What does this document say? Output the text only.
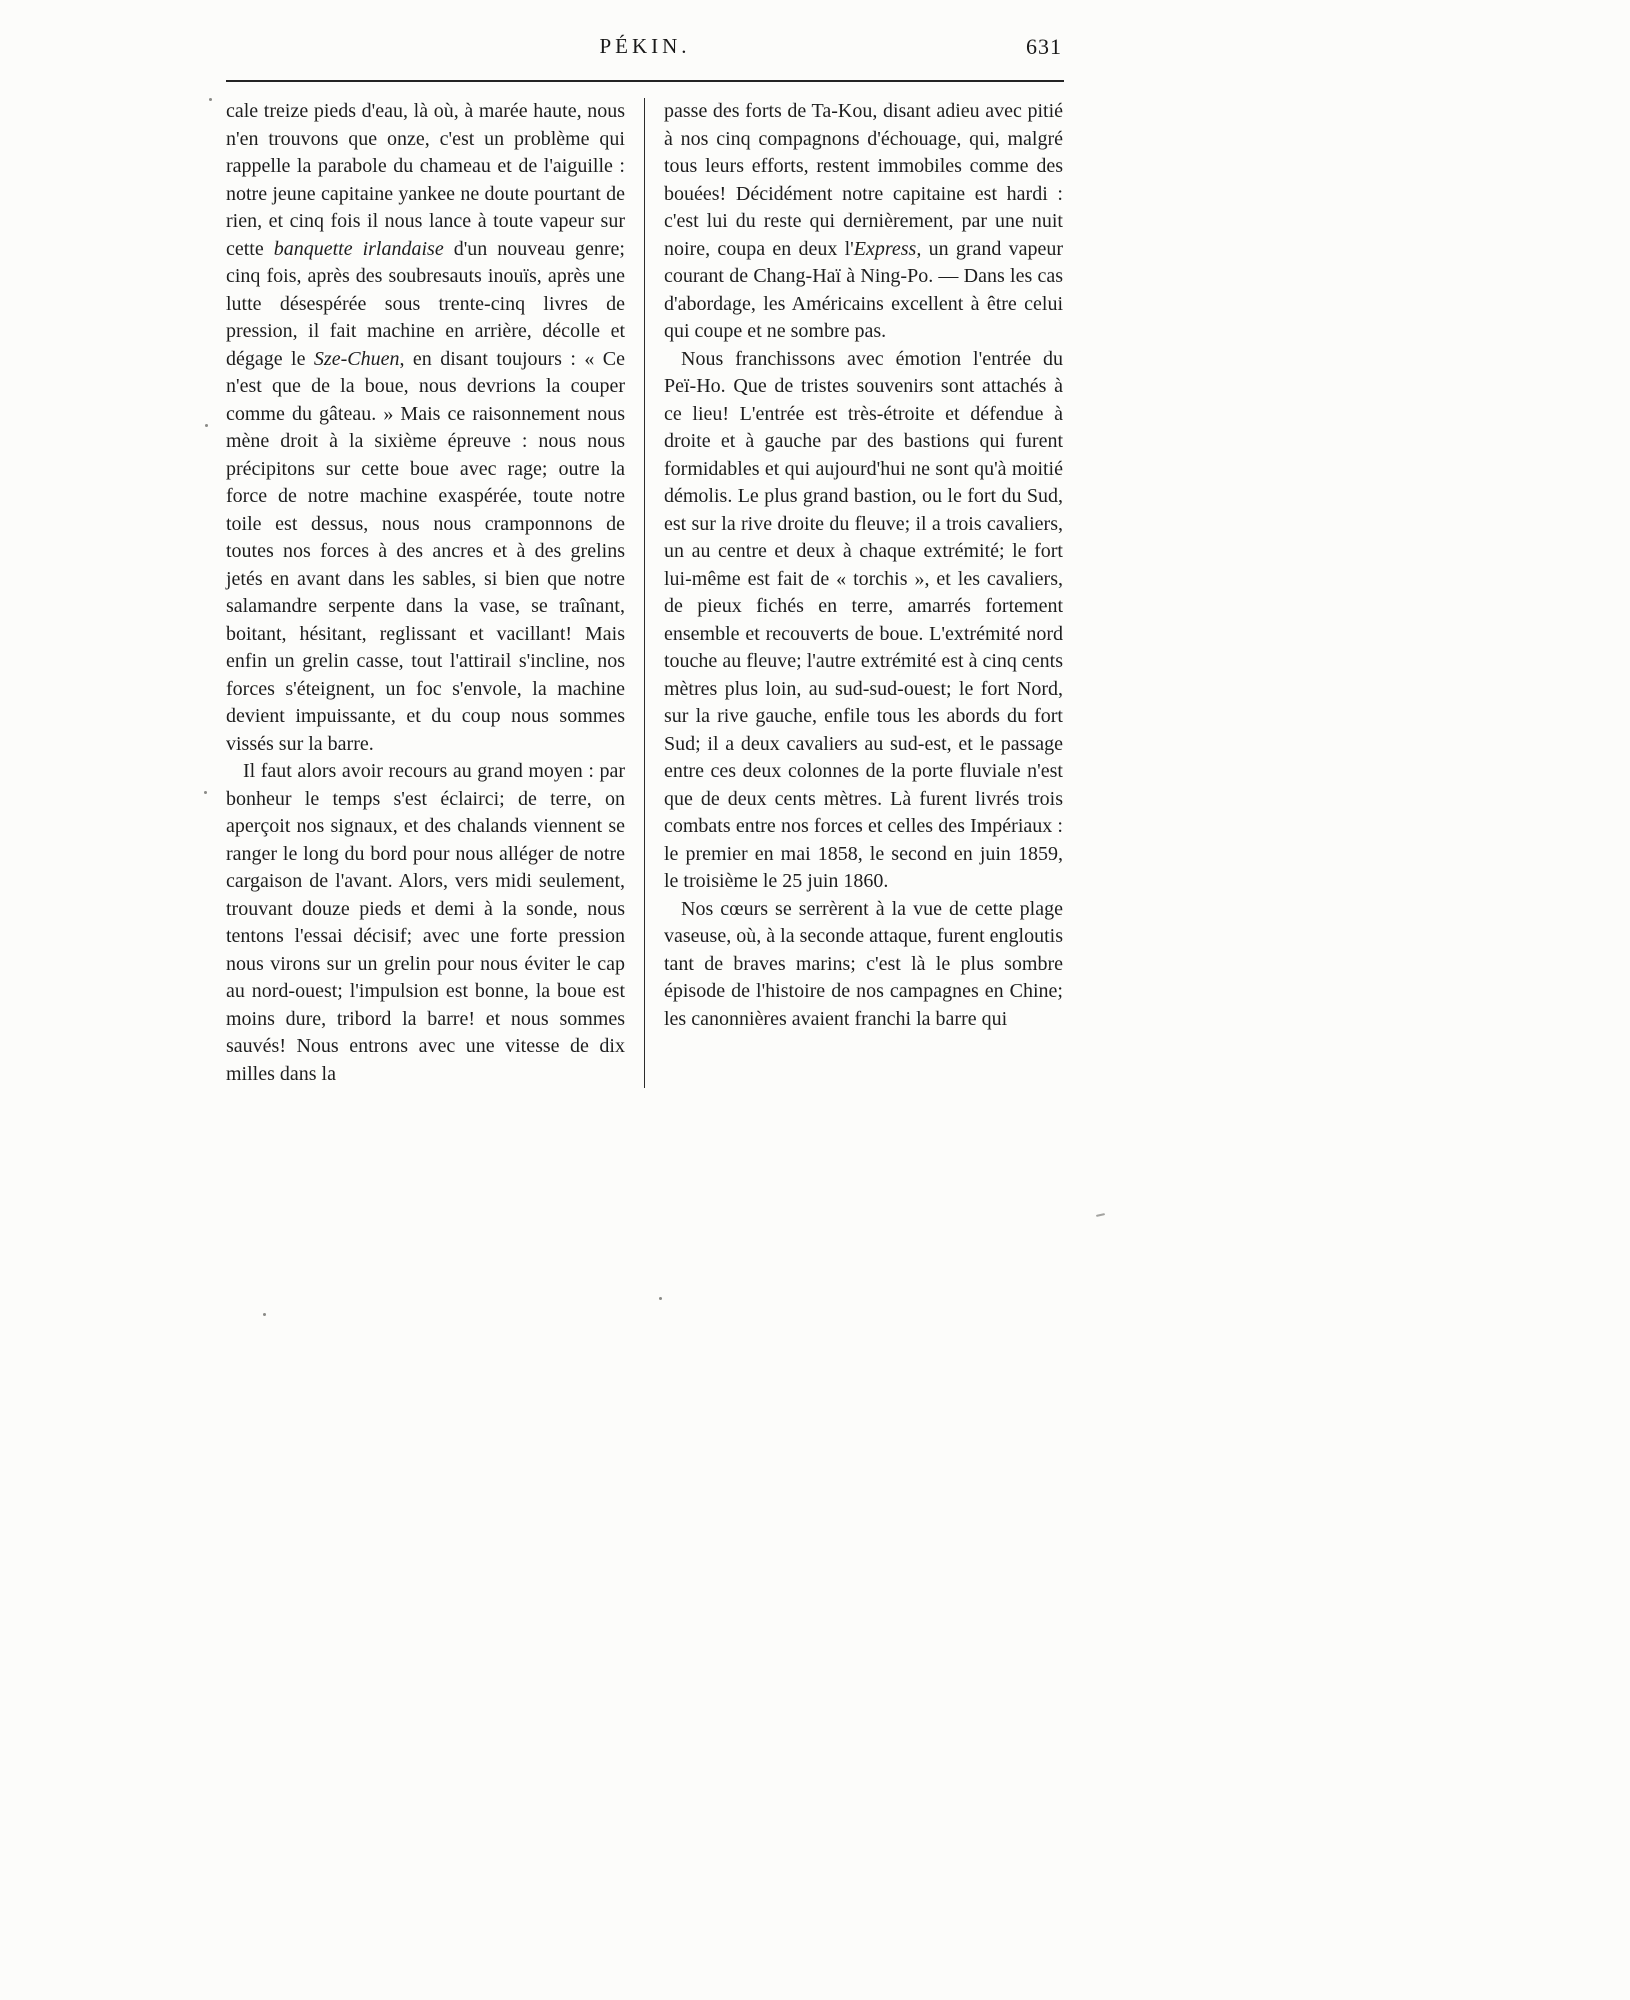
PÉKIN.	631

cale treize pieds d'eau, là où, à marée haute, nous n'en trouvons que onze, c'est un problème qui rappelle la parabole du chameau et de l'aiguille : notre jeune capitaine yankee ne doute pourtant de rien, et cinq fois il nous lance à toute vapeur sur cette banquette irlandaise d'un nouveau genre; cinq fois, après des soubresauts inouïs, après une lutte désespérée sous trente-cinq livres de pression, il fait machine en arrière, décolle et dégage le Sze-Chuen, en disant toujours : « Ce n'est que de la boue, nous devrions la couper comme du gâteau. » Mais ce raisonnement nous mène droit à la sixième épreuve : nous nous précipitons sur cette boue avec rage; outre la force de notre machine exaspérée, toute notre toile est dessus, nous nous cramponnons de toutes nos forces à des ancres et à des grelins jetés en avant dans les sables, si bien que notre salamandre serpente dans la vase, se traînant, boitant, hésitant, reglissant et vacillant! Mais enfin un grelin casse, tout l'attirail s'incline, nos forces s'éteignent, un foc s'envole, la machine devient impuissante, et du coup nous sommes vissés sur la barre.

Il faut alors avoir recours au grand moyen : par bonheur le temps s'est éclairci; de terre, on aperçoit nos signaux, et des chalands viennent se ranger le long du bord pour nous alléger de notre cargaison de l'avant. Alors, vers midi seulement, trouvant douze pieds et demi à la sonde, nous tentons l'essai décisif; avec une forte pression nous virons sur un grelin pour nous éviter le cap au nord-ouest; l'impulsion est bonne, la boue est moins dure, tribord la barre! et nous sommes sauvés! Nous entrons avec une vitesse de dix milles dans la

passe des forts de Ta-Kou, disant adieu avec pitié à nos cinq compagnons d'échouage, qui, malgré tous leurs efforts, restent immobiles comme des bouées! Décidément notre capitaine est hardi : c'est lui du reste qui dernièrement, par une nuit noire, coupa en deux l'Express, un grand vapeur courant de Chang-Haï à Ning-Po. — Dans les cas d'abordage, les Américains excellent à être celui qui coupe et ne sombre pas.

Nous franchissons avec émotion l'entrée du Peï-Ho. Que de tristes souvenirs sont attachés à ce lieu! L'entrée est très-étroite et défendue à droite et à gauche par des bastions qui furent formidables et qui aujourd'hui ne sont qu'à moitié démolis. Le plus grand bastion, ou le fort du Sud, est sur la rive droite du fleuve; il a trois cavaliers, un au centre et deux à chaque extrémité; le fort lui-même est fait de « torchis », et les cavaliers, de pieux fichés en terre, amarrés fortement ensemble et recouverts de boue. L'extrémité nord touche au fleuve; l'autre extrémité est à cinq cents mètres plus loin, au sud-sud-ouest; le fort Nord, sur la rive gauche, enfile tous les abords du fort Sud; il a deux cavaliers au sud-est, et le passage entre ces deux colonnes de la porte fluviale n'est que de deux cents mètres. Là furent livrés trois combats entre nos forces et celles des Impériaux : le premier en mai 1858, le second en juin 1859, le troisième le 25 juin 1860.

Nos cœurs se serrèrent à la vue de cette plage vaseuse, où, à la seconde attaque, furent engloutis tant de braves marins; c'est là le plus sombre épisode de l'histoire de nos campagnes en Chine; les canonnières avaient franchi la barre qui
